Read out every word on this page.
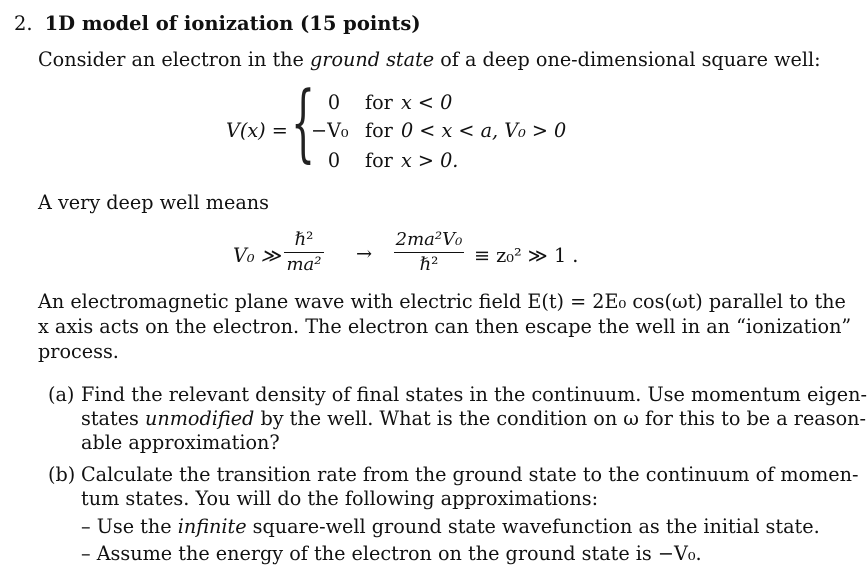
2. 1D model of ionization (15 points)
Consider an electron in the ground state of a deep one-dimensional square well:
V(x) = { 0	for x < 0
−V₀ for 0 < x < a, V₀ > 0
0	for x > 0.
A very deep well means
V₀ ≫
ℏ²
ma² →
2ma²V₀
ℏ² ≡ z₀² ≫ 1 .
An electromagnetic plane wave with electric field E(t) = 2E₀ cos(ωt) parallel to the
x axis acts on the electron. The electron can then escape the well in an “ionization”
process.
(a) Find the relevant density of final states in the continuum. Use momentum eigen-
states unmodified by the well. What is the condition on ω for this to be a reason-
able approximation?
(b) Calculate the transition rate from the ground state to the continuum of momen-
tum states. You will do the following approximations:
– Use the infinite square-well ground state wavefunction as the initial state.
– Assume the energy of the electron on the ground state is −V₀.
